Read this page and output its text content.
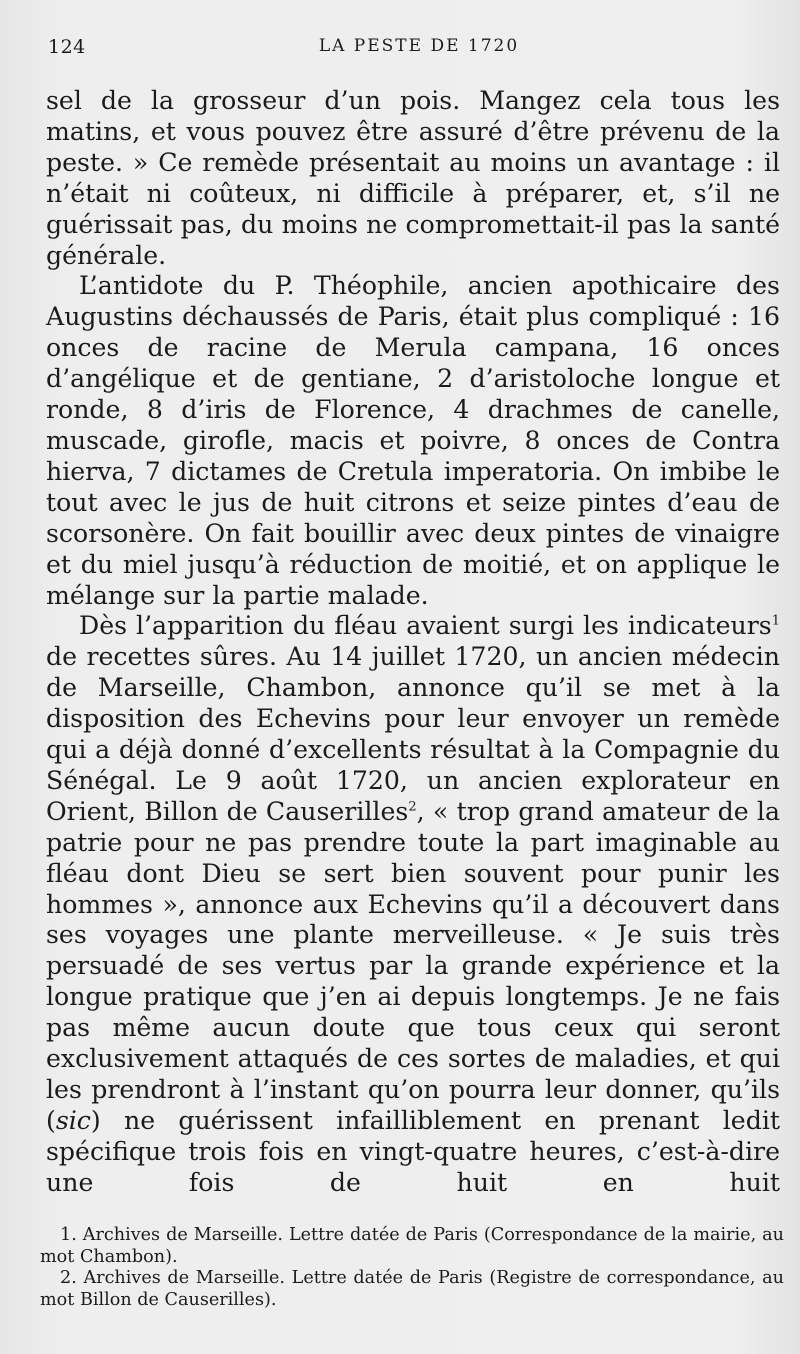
124	LA PESTE DE 1720

sel de la grosseur d’un pois. Mangez cela tous les matins, et vous pouvez être assuré d’être prévenu de la peste. » Ce remède présentait au moins un avantage : il n’était ni coûteux, ni difficile à préparer, et, s’il ne guérissait pas, du moins ne compromettait-il pas la santé générale.

L’antidote du P. Théophile, ancien apothicaire des Augustins déchaussés de Paris, était plus compliqué : 16 onces de racine de Merula campana, 16 onces d’angélique et de gentiane, 2 d’aristoloche longue et ronde, 8 d’iris de Florence, 4 drachmes de canelle, muscade, girofle, macis et poivre, 8 onces de Contra hierva, 7 dictames de Cretula imperatoria. On imbibe le tout avec le jus de huit citrons et seize pintes d’eau de scorsonère. On fait bouillir avec deux pintes de vinaigre et du miel jusqu’à réduction de moitié, et on applique le mélange sur la partie malade.

Dès l’apparition du fléau avaient surgi les indicateurs$^1$ de recettes sûres. Au 14 juillet 1720, un ancien médecin de Marseille, Chambon, annonce qu’il se met à la disposition des Echevins pour leur envoyer un remède qui a déjà donné d’excellents résultat à la Compagnie du Sénégal. Le 9 août 1720, un ancien explorateur en Orient, Billon de Causerilles$^2$, « trop grand amateur de la patrie pour ne pas prendre toute la part imaginable au fléau dont Dieu se sert bien souvent pour punir les hommes », annonce aux Echevins qu’il a découvert dans ses voyages une plante merveilleuse. « Je suis très persuadé de ses vertus par la grande expérience et la longue pratique que j’en ai depuis longtemps. Je ne fais pas même aucun doute que tous ceux qui seront exclusivement attaqués de ces sortes de maladies, et qui les prendront à l’instant qu’on pourra leur donner, qu’ils (sic) ne guérissent infailliblement en prenant ledit spécifique trois fois en vingt-quatre heures, c’est-à-dire une fois de huit en huit

1. Archives de Marseille. Lettre datée de Paris (Correspondance de la mairie, au mot Chambon).

2. Archives de Marseille. Lettre datée de Paris (Registre de correspondance, au mot Billon de Causerilles).
